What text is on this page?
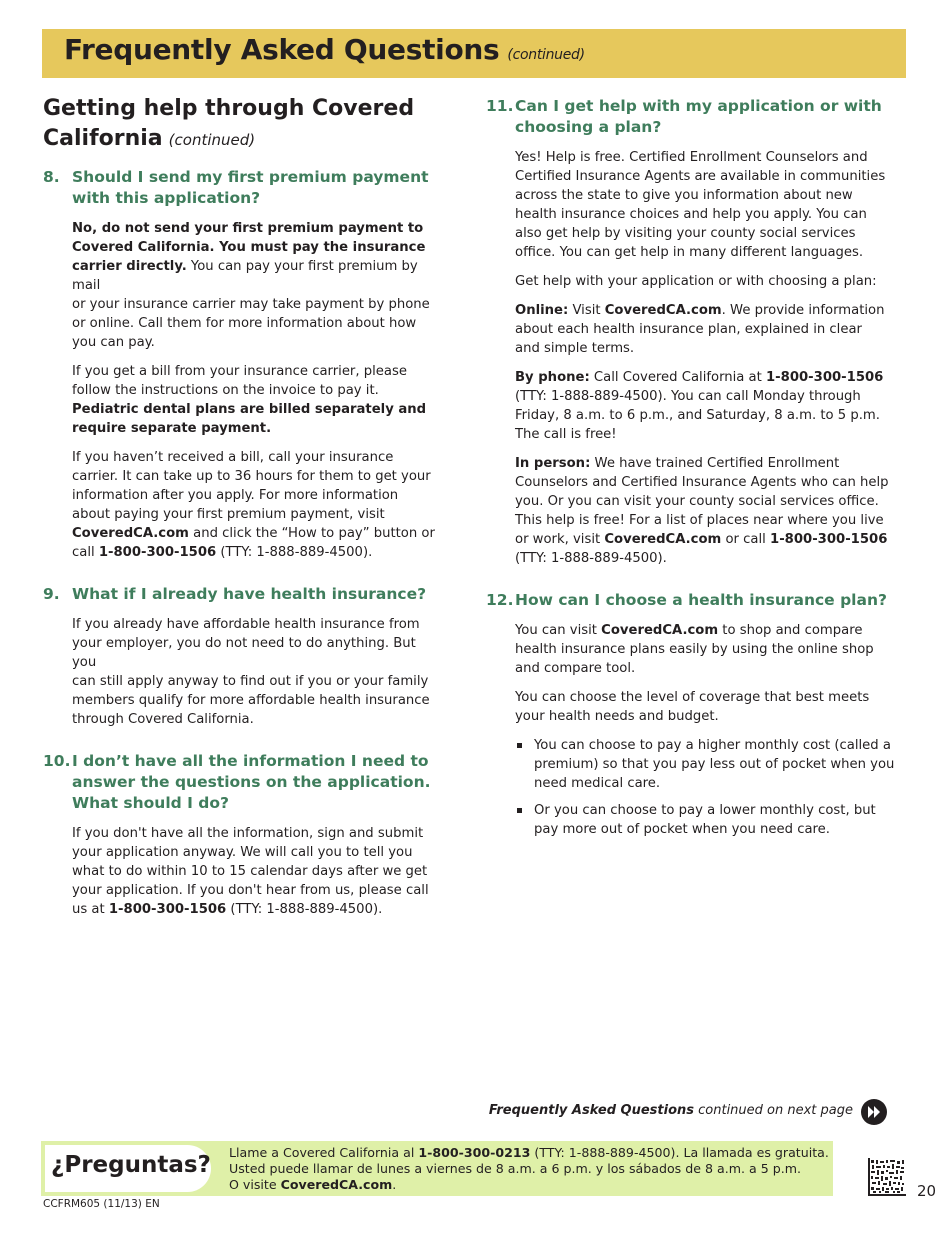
Frequently Asked Questions (continued)
Getting help through Covered
California (continued)
8. Should I send my first premium payment
with this application?
No, do not send your first premium payment to
Covered California. You must pay the insurance
carrier directly. You can pay your first premium by mail
or your insurance carrier may take payment by phone
or online. Call them for more information about how
you can pay.
If you get a bill from your insurance carrier, please
follow the instructions on the invoice to pay it.
Pediatric dental plans are billed separately and
require separate payment.
If you haven’t received a bill, call your insurance
carrier. It can take up to 36 hours for them to get your
information after you apply. For more information
about paying your first premium payment, visit
CoveredCA.com and click the “How to pay” button or
call 1-800-300-1506 (TTY: 1-888-889-4500).
9. What if I already have health insurance?
If you already have affordable health insurance from
your employer, you do not need to do anything. But you
can still apply anyway to find out if you or your family
members qualify for more affordable health insurance
through Covered California.
10. I don’t have all the information I need to
answer the questions on the application.
What should I do?
If you don't have all the information, sign and submit
your application anyway. We will call you to tell you
what to do within 10 to 15 calendar days after we get
your application. If you don't hear from us, please call
us at 1-800-300-1506 (TTY: 1-888-889-4500).
11. Can I get help with my application or with
choosing a plan?
Yes! Help is free. Certified Enrollment Counselors and
Certified Insurance Agents are available in communities
across the state to give you information about new
health insurance choices and help you apply. You can
also get help by visiting your county social services
office. You can get help in many different languages.
Get help with your application or with choosing a plan:
Online: Visit CoveredCA.com. We provide information
about each health insurance plan, explained in clear
and simple terms.
By phone: Call Covered California at 1-800-300-1506
(TTY: 1-888-889-4500). You can call Monday through
Friday, 8 a.m. to 6 p.m., and Saturday, 8 a.m. to 5 p.m.
The call is free!
In person: We have trained Certified Enrollment
Counselors and Certified Insurance Agents who can help
you. Or you can visit your county social services office.
This help is free! For a list of places near where you live
or work, visit CoveredCA.com or call 1-800-300-1506
(TTY: 1-888-889-4500).
12. How can I choose a health insurance plan?
You can visit CoveredCA.com to shop and compare
health insurance plans easily by using the online shop
and compare tool.
You can choose the level of coverage that best meets
your health needs and budget.
You can choose to pay a higher monthly cost (called a
premium) so that you pay less out of pocket when you
need medical care.
Or you can choose to pay a lower monthly cost, but
pay more out of pocket when you need care.
Frequently Asked Questions continued on next page
¿Preguntas? Llame a Covered California al 1-800-300-0213 (TTY: 1-888-889-4500). La llamada es gratuita.
Usted puede llamar de lunes a viernes de 8 a.m. a 6 p.m. y los sábados de 8 a.m. a 5 p.m.
O visite CoveredCA.com.	20
CCFRM605 (11/13) EN
